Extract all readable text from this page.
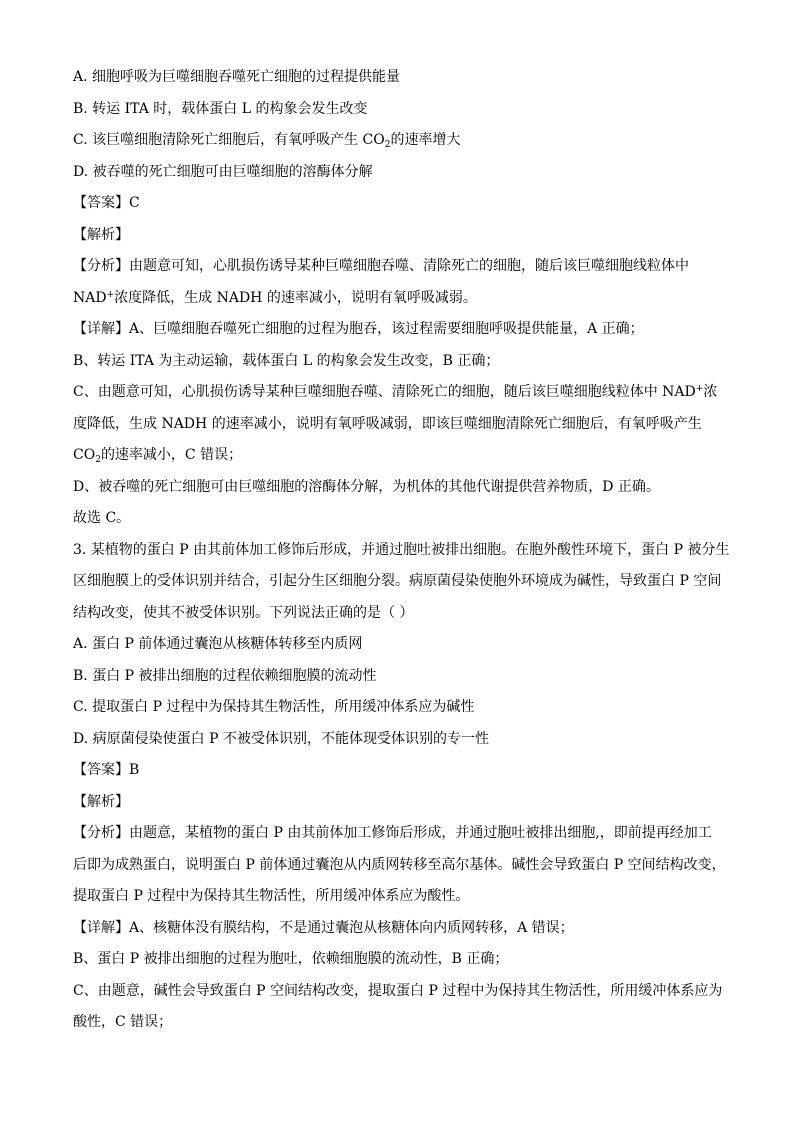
A. 细胞呼吸为巨噬细胞吞噬死亡细胞的过程提供能量
B. 转运 ITA 时，载体蛋白 L 的构象会发生改变
C. 该巨噬细胞清除死亡细胞后，有氧呼吸产生 $CO_2$的速率增大
D. 被吞噬的死亡细胞可由巨噬细胞的溶酶体分解
【答案】C
【解析】
【分析】由题意可知，心肌损伤诱导某种巨噬细胞吞噬、清除死亡的细胞，随后该巨噬细胞线粒体中
NAD+浓度降低，生成 NADH 的速率减小，说明有氧呼吸减弱。
【详解】A、巨噬细胞吞噬死亡细胞的过程为胞吞，该过程需要细胞呼吸提供能量，A 正确；
B、转运 ITA 为主动运输，载体蛋白 L 的构象会发生改变，B 正确；
C、由题意可知，心肌损伤诱导某种巨噬细胞吞噬、清除死亡的细胞，随后该巨噬细胞线粒体中 NAD+浓
度降低，生成 NADH 的速率减小，说明有氧呼吸减弱，即该巨噬细胞清除死亡细胞后，有氧呼吸产生
$CO_2$的速率减小，C 错误；
D、被吞噬的死亡细胞可由巨噬细胞的溶酶体分解，为机体的其他代谢提供营养物质，D 正确。
故选 C。
3. 某植物的蛋白 P 由其前体加工修饰后形成，并通过胞吐被排出细胞。在胞外酸性环境下，蛋白 P 被分生
区细胞膜上的受体识别并结合，引起分生区细胞分裂。病原菌侵染使胞外环境成为碱性，导致蛋白 P 空间
结构改变，使其不被受体识别。下列说法正确的是（ ）
A. 蛋白 P 前体通过囊泡从核糖体转移至内质网
B. 蛋白 P 被排出细胞的过程依赖细胞膜的流动性
C. 提取蛋白 P 过程中为保持其生物活性，所用缓冲体系应为碱性
D. 病原菌侵染使蛋白 P 不被受体识别，不能体现受体识别的专一性
【答案】B
【解析】
【分析】由题意，某植物的蛋白 P 由其前体加工修饰后形成，并通过胞吐被排出细胞,，即前提再经加工
后即为成熟蛋白，说明蛋白 P 前体通过囊泡从内质网转移至高尔基体。碱性会导致蛋白 P 空间结构改变，
提取蛋白 P 过程中为保持其生物活性，所用缓冲体系应为酸性。
【详解】A、核糖体没有膜结构，不是通过囊泡从核糖体向内质网转移，A 错误；
B、蛋白 P 被排出细胞的过程为胞吐，依赖细胞膜的流动性，B 正确；
C、由题意，碱性会导致蛋白 P 空间结构改变，提取蛋白 P 过程中为保持其生物活性，所用缓冲体系应为
酸性，C 错误；
